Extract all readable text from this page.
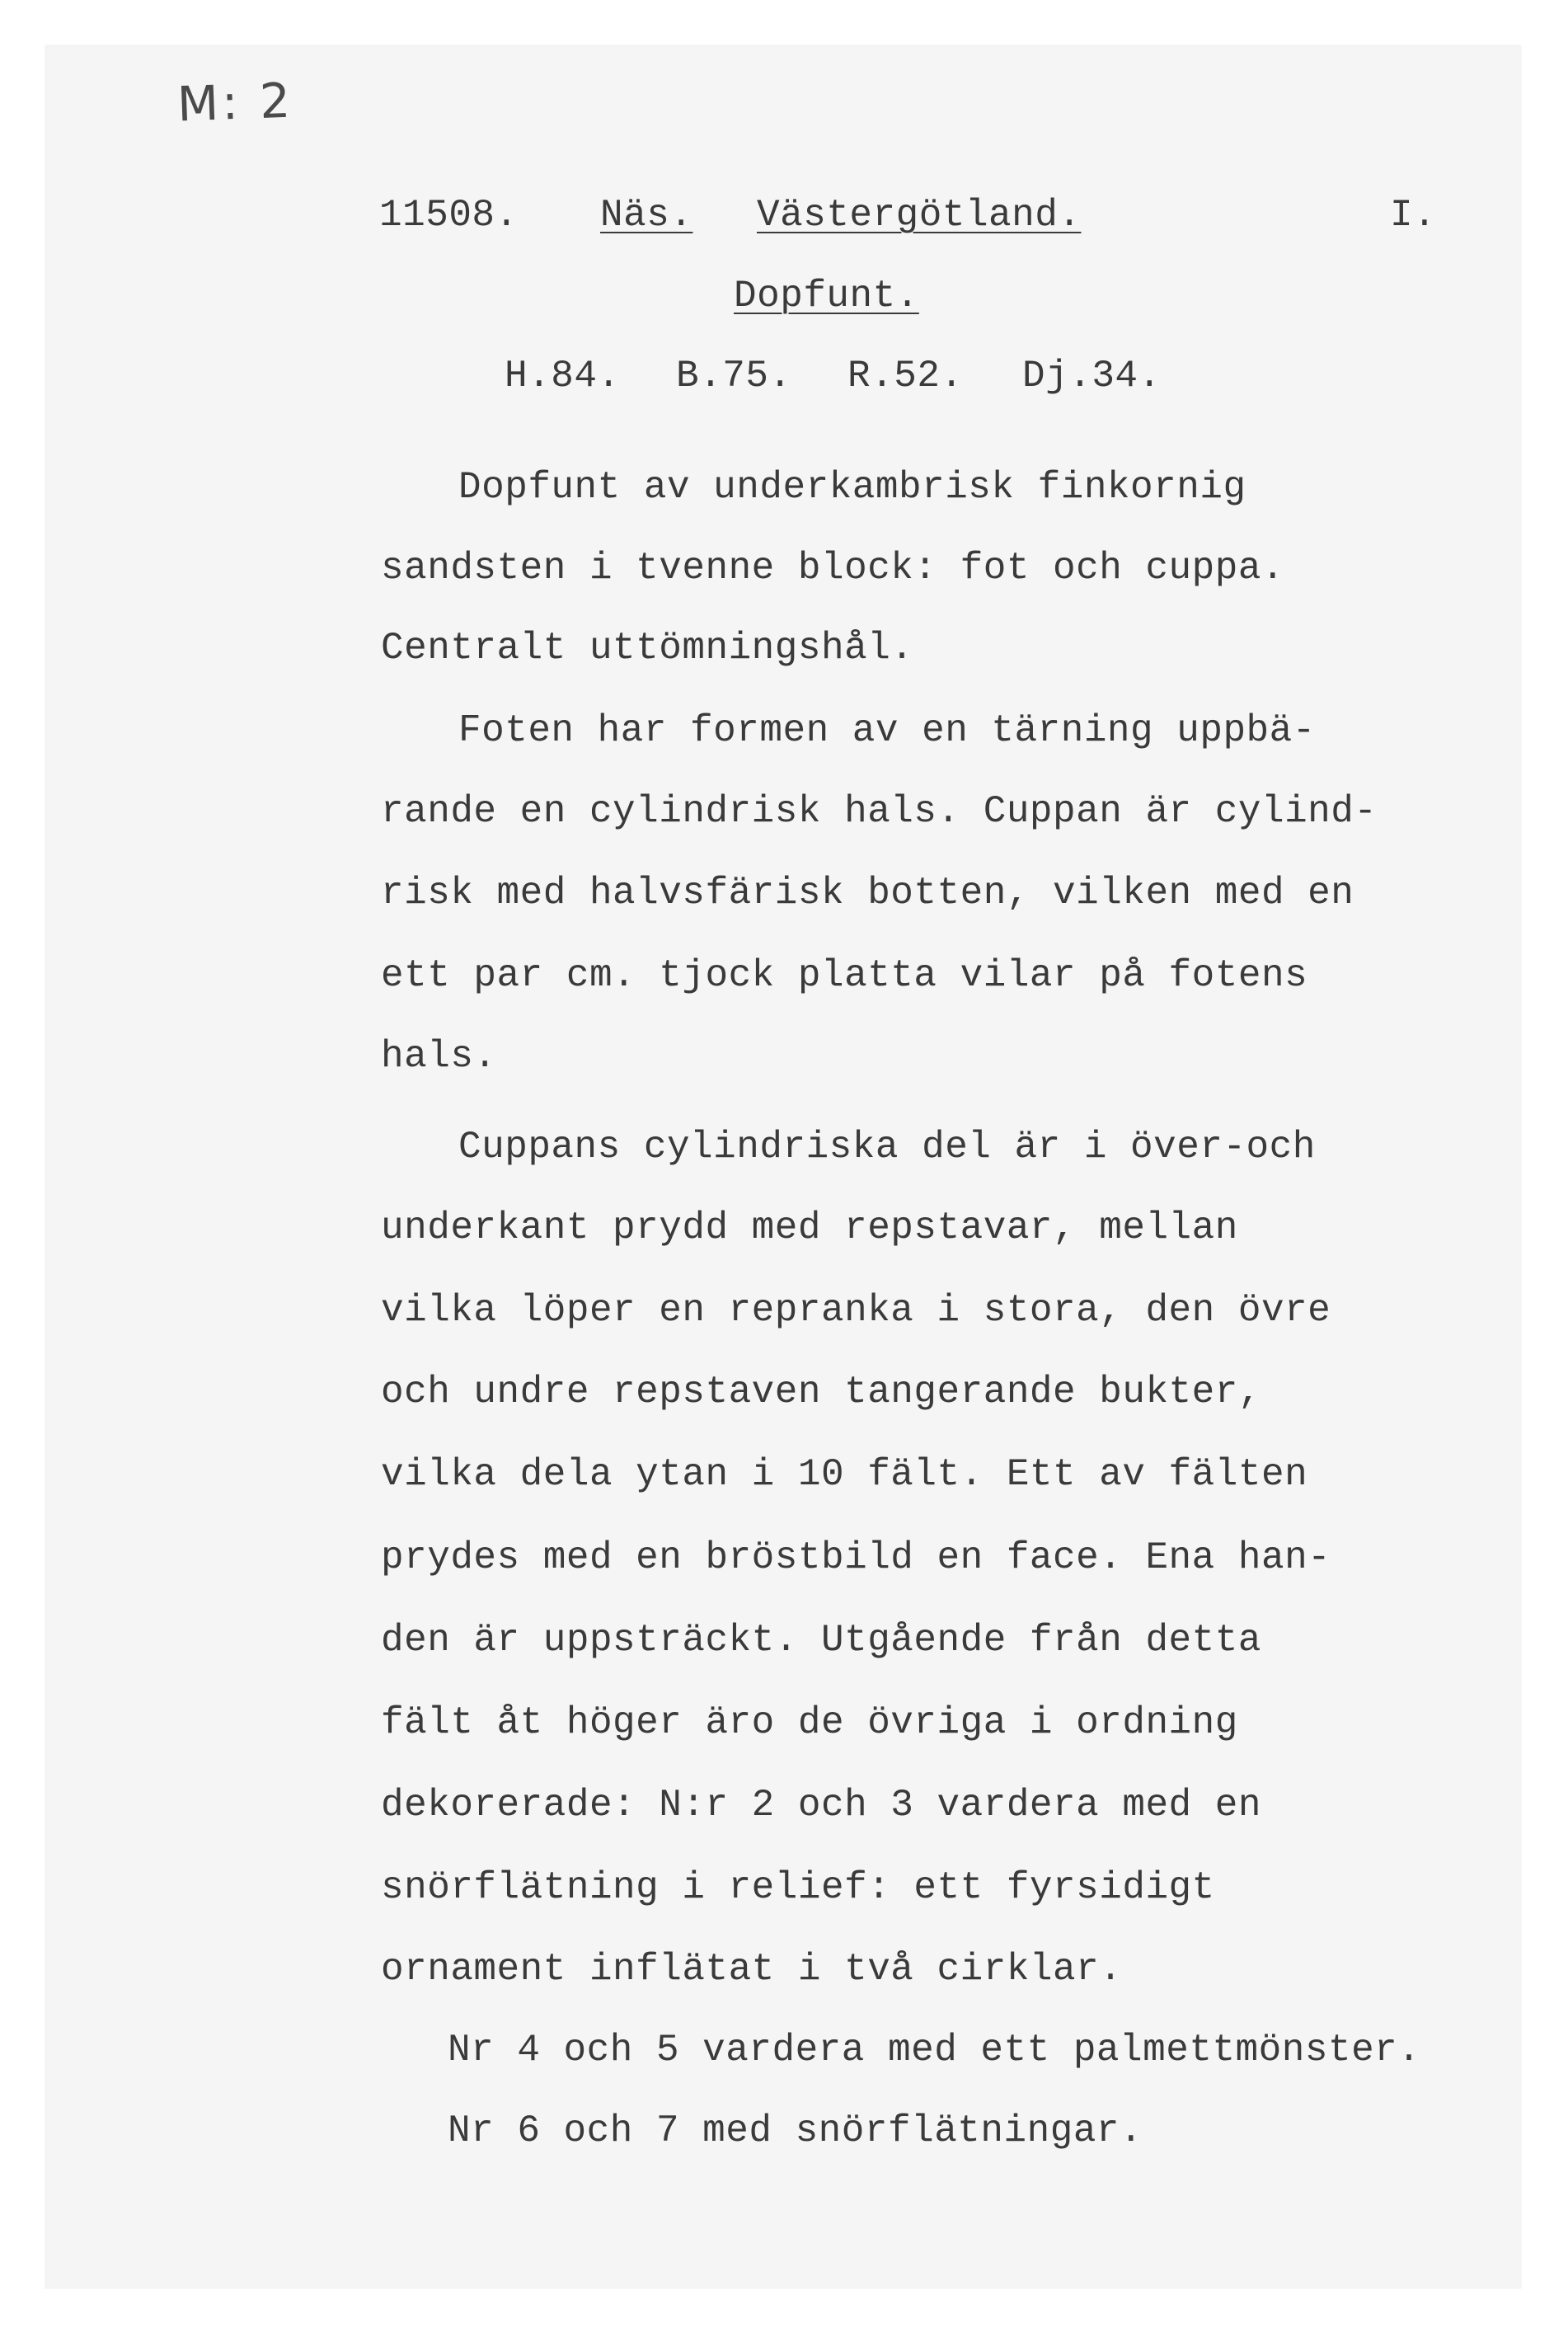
M: 2
11508. Näs. Västergötland.	I.
Dopfunt.
H.84. B.75. R.52. Dj.34.
Dopfunt av underkambrisk finkornig
sandsten i tvenne block: fot och cuppa.
Centralt uttömningshål.
Foten har formen av en tärning uppbä-
rande en cylindrisk hals. Cuppan är cylind-
risk med halvsfärisk botten, vilken med en
ett par cm. tjock platta vilar på fotens
hals.
Cuppans cylindriska del är i över-och
underkant prydd med repstavar, mellan
vilka löper en repranka i stora, den övre
och undre repstaven tangerande bukter,
vilka dela ytan i 10 fält. Ett av fälten
prydes med en bröstbild en face. Ena han-
den är uppsträckt. Utgående från detta
fält åt höger äro de övriga i ordning
dekorerade: N:r 2 och 3 vardera med en
snörflätning i relief: ett fyrsidigt
ornament inflätat i två cirklar.
Nr 4 och 5 vardera med ett palmettmönster.
Nr 6 och 7 med snörflätningar.
